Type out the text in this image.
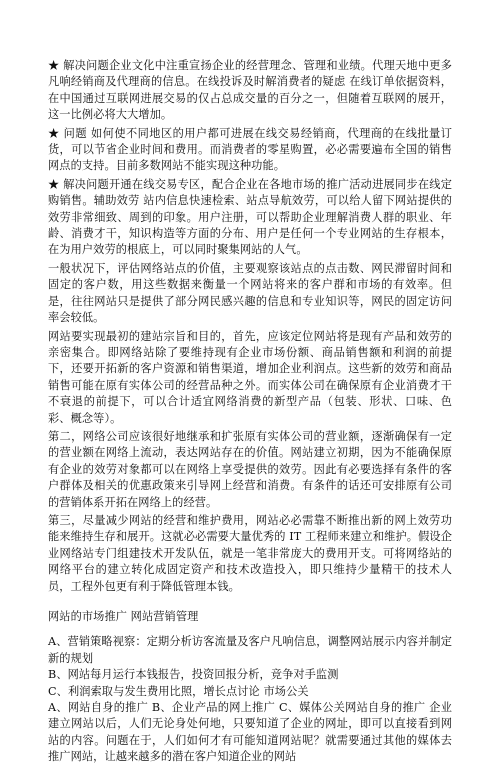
★ 解决问题企业文化中注重宣扬企业的经营理念、管理和业绩。代理天地中更多凡响经销商及代理商的信息。在线投诉及时解消费者的疑虑 在线订单依据资料，在中国通过互联网进展交易的仅占总成交量的百分之一，但随着互联网的展开，这一比例必将大大增加。

★ 问题 如何使不同地区的用户都可进展在线交易经销商，代理商的在线批量订货，可以节省企业时间和费用。而消费者的零星购置，必必需要遍布全国的销售网点的支持。目前多数网站不能实现这种功能。

★ 解决问题开通在线交易专区，配合企业在各地市场的推广活动进展同步在线定购销售。辅助效劳 站内信息快速检索、站点导航效劳，可以给人留下网站提供的效劳非常细致、周到的印象。用户注册，可以帮助企业理解消费人群的职业、年龄、消费才干，知识构造等方面的分布、用户是任何一个专业网站的生存根本，在为用户效劳的根底上，可以同时聚集网站的人气。

一般状况下，评估网络站点的价值，主要观察该站点的点击数、网民滞留时间和固定的客户数，用这些数据来衡量一个网站将来的客户群和市场的有效率。但是，往往网站只是提供了部分网民感兴趣的信息和专业知识等，网民的固定访问率会较低。

网站要实现最初的建站宗旨和目的，首先，应该定位网站将是现有产品和效劳的亲密集合。即网络站除了要维持现有企业市场份额、商品销售额和利润的前提下，还要开拓新的客户资源和销售渠道，增加企业利润点。这些新的效劳和商品销售可能在原有实体公司的经营品种之外。而实体公司在确保原有企业消费才干不衰退的前提下，可以合计适宜网络消费的新型产品（包装、形状、口味、色彩、概念等）。

第二，网络公司应该很好地继承和扩张原有实体公司的营业额，逐渐确保有一定的营业额在网络上流动，表达网站存在的价值。网站建立初期，因为不能确保原有企业的效劳对象都可以在网络上享受提供的效劳。因此有必要选择有条件的客户群体及相关的优惠政策来引导网上经营和消费。有条件的话还可安排原有公司的营销体系开拓在网络上的经营。

第三，尽量减少网站的经营和维护费用，网站必必需靠不断推出新的网上效劳功能来维持生存和展开。这就必必需要大量优秀的 IT 工程师来建立和维护。假设企业网络站专门组建技术开发队伍，就是一笔非常庞大的费用开支。可将网络站的网络平台的建立转化成固定资产和技术改造投入，即只维持少量精干的技术人员，工程外包更有利于降低管理本钱。

网站的市场推广 网站营销管理

A、营销策略视察：定期分析访客流量及客户凡响信息，调整网站展示内容并制定新的规划

B、网站每月运行本钱报告，投资回报分析，竞争对手监测

C、利润索取与发生费用比照，增长点讨论 市场公关

A、网站自身的推广 B、企业产品的网上推广 C、媒体公关网站自身的推广 企业建立网站以后，人们无论身处何地，只要知道了企业的网址，即可以直接看到网站的内容。问题在于，人们如何才有可能知道网站呢？就需要通过其他的媒体去推广网站，让越来越多的潜在客户知道企业的网站
